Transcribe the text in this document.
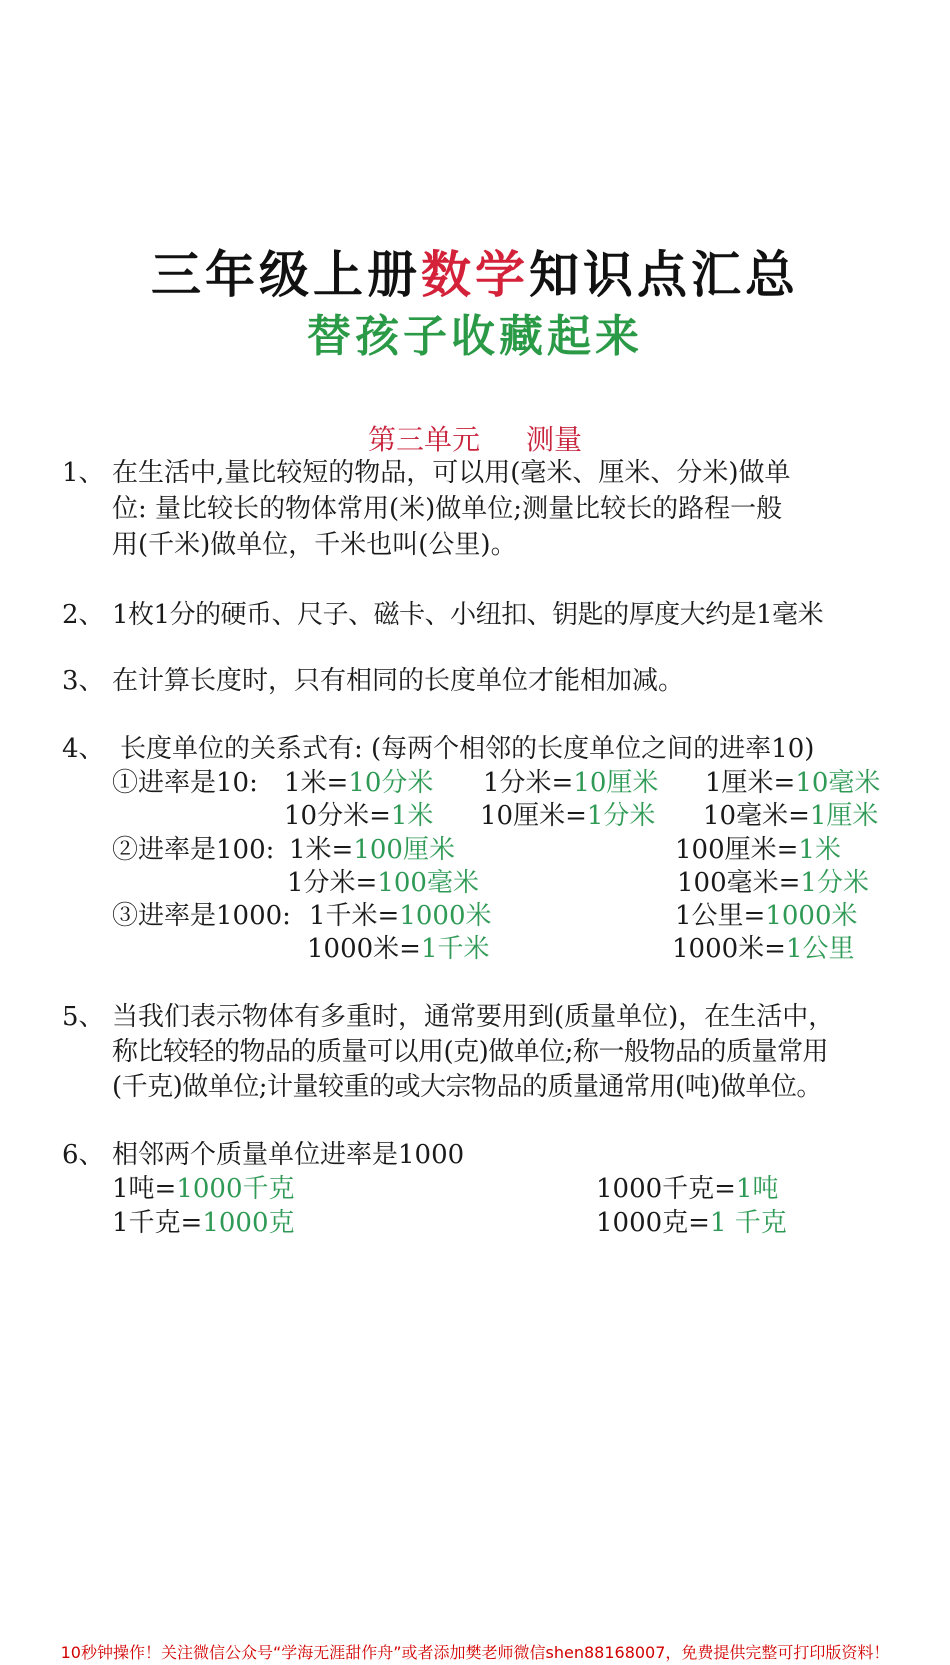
三年级上册数学知识点汇总
替孩子收藏起来
第三单元 测量
1、 在生活中,量比较短的物品，可以用(毫米、厘米、分米)做单
位: 量比较长的物体常用(米)做单位;测量比较长的路程一般
用(千米)做单位，千米也叫(公里)。
2、 1枚1分的硬币、尺子、磁卡、小纽扣、钥匙的厚度大约是1毫米
3、 在计算长度时，只有相同的长度单位才能相加减。
4、 长度单位的关系式有: (每两个相邻的长度单位之间的进率10)
①进率是10: 1米=10分米 1分米=10厘米 1厘米=10毫米
10分米=1米 10厘米=1分米 10毫米=1厘米
②进率是100: 1米=100厘米	100厘米=1米
1分米=100毫米	100毫米=1分米
③进率是1000: 1千米=1000米	1公里=1000米
1000米=1千米	1000米=1公里
5、 当我们表示物体有多重时，通常要用到(质量单位)，在生活中，
称比较轻的物品的质量可以用(克)做单位;称一般物品的质量常用
(千克)做单位;计量较重的或大宗物品的质量通常用(吨)做单位。
6、 相邻两个质量单位进率是1000
1吨=1000千克	1000千克=1吨
1千克=1000克	1000克=1 千克
10秒钟操作！关注微信公众号“学海无涯甜作舟”或者添加樊老师微信shen88168007，免费提供完整可打印版资料！
